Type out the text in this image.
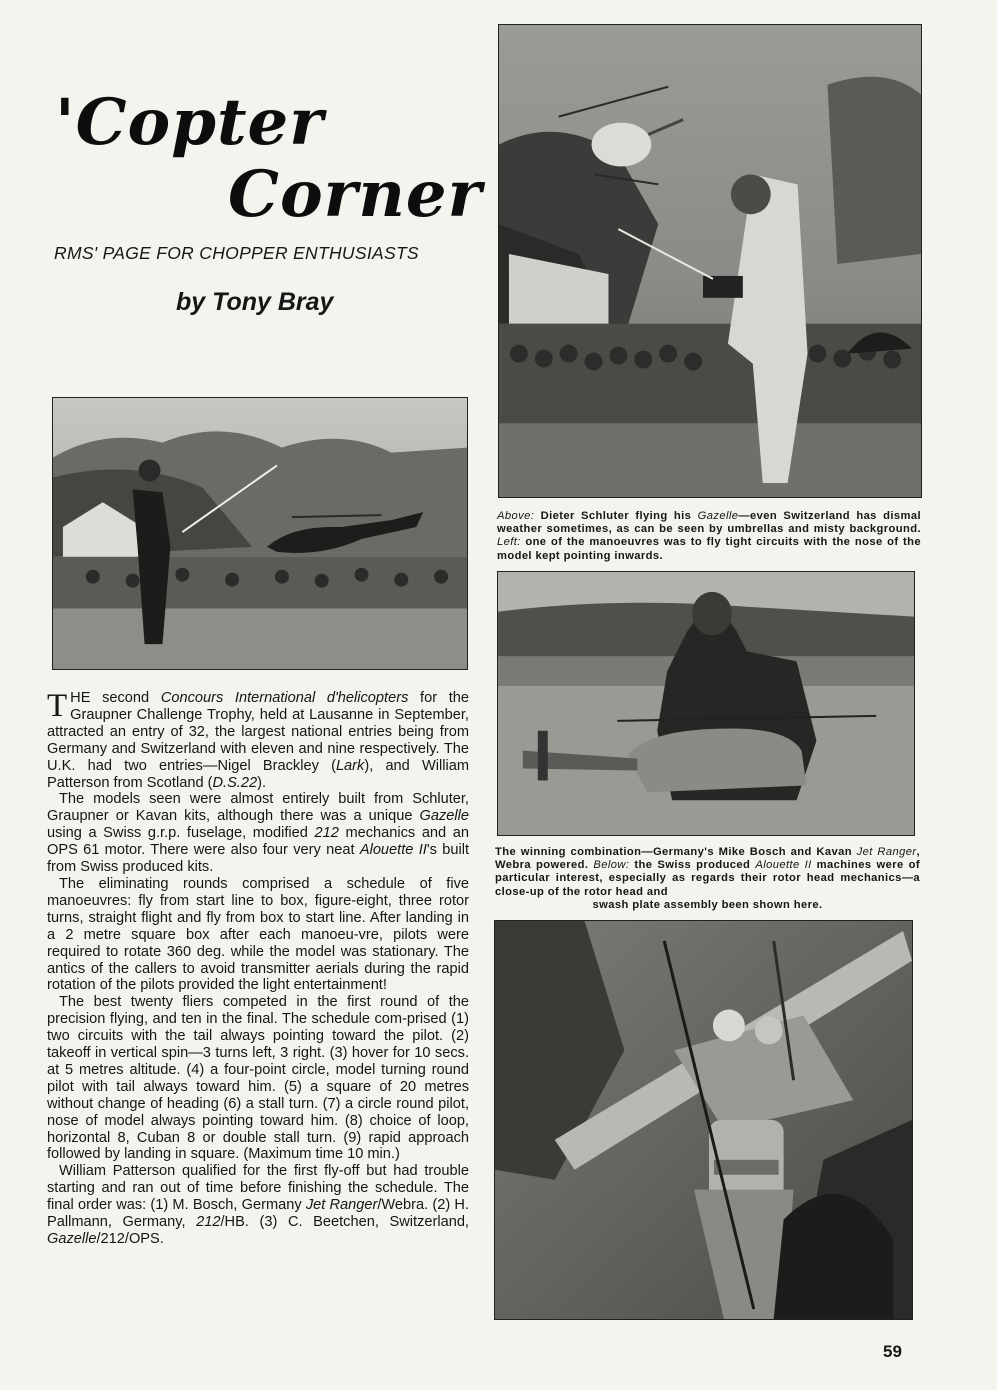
'Copter
Corner
RMS' PAGE FOR CHOPPER ENTHUSIASTS
by Tony Bray
Above: Dieter Schluter flying his Gazelle—even Switzerland has dismal weather sometimes, as can be seen by umbrellas and misty background. Left: one of the manoeuvres was to fly tight circuits with the nose of the model kept pointing inwards.

THE second Concours International d'helicopters for the Graupner Challenge Trophy, held at Lausanne in September, attracted an entry of 32, the largest national entries being from Germany and Switzerland with eleven and nine respectively. The U.K. had two entries—Nigel Brackley (Lark), and William Patterson from Scotland (D.S.22).

The models seen were almost entirely built from Schluter, Graupner or Kavan kits, although there was a unique Gazelle using a Swiss g.r.p. fuselage, modified 212 mechanics and an OPS 61 motor. There were also four very neat Alouette II's built from Swiss produced kits.

The eliminating rounds comprised a schedule of five manoeuvres: fly from start line to box, figure-eight, three rotor turns, straight flight and fly from box to start line. After landing in a 2 metre square box after each manoeu-vre, pilots were required to rotate 360 deg. while the model was stationary. The antics of the callers to avoid transmitter aerials during the rapid rotation of the pilots provided the light entertainment!

The best twenty fliers competed in the first round of the precision flying, and ten in the final. The schedule com-prised (1) two circuits with the tail always pointing toward the pilot. (2) takeoff in vertical spin—3 turns left, 3 right. (3) hover for 10 secs. at 5 metres altitude. (4) a four-point circle, model turning round pilot with tail always toward him. (5) a square of 20 metres without change of heading (6) a stall turn. (7) a circle round pilot, nose of model always pointing toward him. (8) choice of loop, horizontal 8, Cuban 8 or double stall turn. (9) rapid approach followed by landing in square. (Maximum time 10 min.)

William Patterson qualified for the first fly-off but had trouble starting and ran out of time before finishing the schedule. The final order was: (1) M. Bosch, Germany Jet Ranger/Webra. (2) H. Pallmann, Germany, 212/HB. (3) C. Beetchen, Switzerland, Gazelle/212/OPS.

The winning combination—Germany's Mike Bosch and Kavan Jet Ranger, Webra powered. Below: the Swiss produced Alouette II machines were of particular interest, especially as regards their rotor head mechanics—a close-up of the rotor head and
swash plate assembly been shown here.
59
